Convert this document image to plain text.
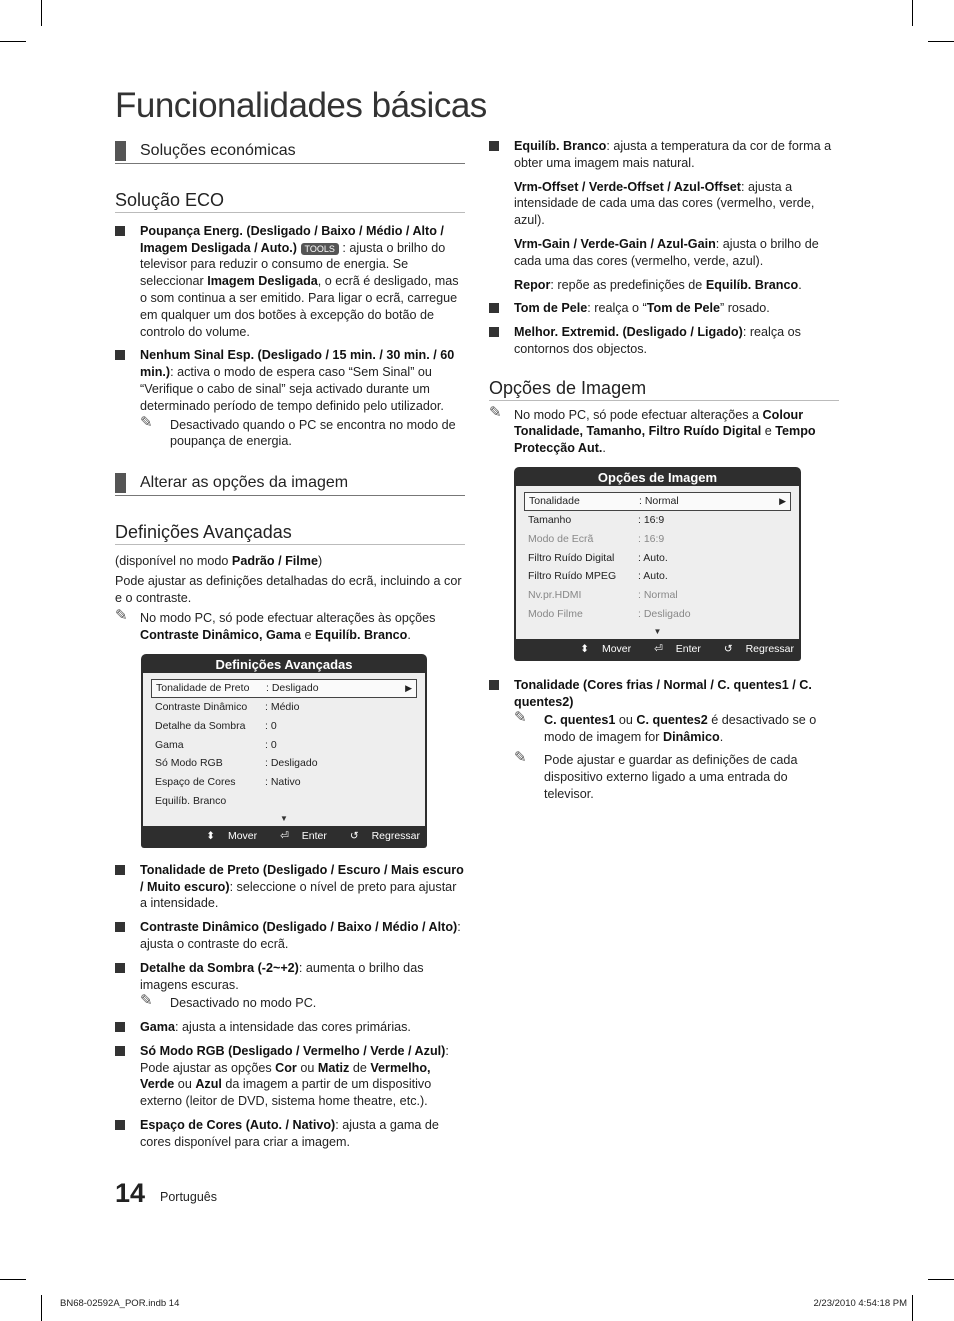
Funcionalidades básicas
Soluções económicas
Solução ECO
Poupança Energ. (Desligado / Baixo / Médio / Alto / Imagem Desligada / Auto.) TOOLS : ajusta o brilho do televisor para reduzir o consumo de energia. Se seleccionar Imagem Desligada, o ecrã é desligado, mas o som continua a ser emitido. Para ligar o ecrã, carregue em qualquer um dos botões à excepção do botão de controlo do volume.
Nenhum Sinal Esp. (Desligado / 15 min. / 30 min. / 60 min.): activa o modo de espera caso “Sem Sinal” ou “Verifique o cabo de sinal” seja activado durante um determinado período de tempo definido pelo utilizador.
✎ Desactivado quando o PC se encontra no modo de poupança de energia.
Alterar as opções da imagem
Definições Avançadas

(disponível no modo Padrão / Filme)

Pode ajustar as definições detalhadas do ecrã, incluindo a cor e o contraste.

✎ No modo PC, só pode efectuar alterações às opções Contraste Dinâmico, Gama e Equilíb. Branco.
Definições Avançadas
Tonalidade de Preto	: Desligado	▶
Contraste Dinâmico	: Médio
Detalhe da Sombra	: 0
Gama	: 0
Só Modo RGB	: Desligado
Espaço de Cores	: Nativo
Equilíb. Branco
▼
⬍ Mover ⏎ Enter ↺ Regressar
Tonalidade de Preto (Desligado / Escuro / Mais escuro / Muito escuro): seleccione o nível de preto para ajustar a intensidade.
Contraste Dinâmico (Desligado / Baixo / Médio / Alto): ajusta o contraste do ecrã.
Detalhe da Sombra (-2~+2): aumenta o brilho das imagens escuras.
✎ Desactivado no modo PC.
Gama: ajusta a intensidade das cores primárias.
Só Modo RGB (Desligado / Vermelho / Verde / Azul): Pode ajustar as opções Cor ou Matiz de Vermelho, Verde ou Azul da imagem a partir de um dispositivo externo (leitor de DVD, sistema home theatre, etc.).
Espaço de Cores (Auto. / Nativo): ajusta a gama de cores disponível para criar a imagem.
Equilíb. Branco: ajusta a temperatura da cor de forma a obter uma imagem mais natural.

Vrm-Offset / Verde-Offset / Azul-Offset: ajusta a intensidade de cada uma das cores (vermelho, verde, azul).

Vrm-Gain / Verde-Gain / Azul-Gain: ajusta o brilho de cada uma das cores (vermelho, verde, azul).

Repor: repõe as predefinições de Equilíb. Branco.

Tom de Pele: realça o “Tom de Pele” rosado.
Melhor. Extremid. (Desligado / Ligado): realça os contornos dos objectos.
Opções de Imagem
✎ No modo PC, só pode efectuar alterações a Colour Tonalidade, Tamanho, Filtro Ruído Digital e Tempo Protecção Aut..
Opções de Imagem
Tonalidade	: Normal	▶
Tamanho	: 16:9
Modo de Ecrã	: 16:9
Filtro Ruído Digital	: Auto.
Filtro Ruído MPEG	: Auto.
Nv.pr.HDMI	: Normal
Modo Filme	: Desligado
▼
⬍ Mover ⏎ Enter ↺ Regressar
Tonalidade (Cores frias / Normal / C. quentes1 / C. quentes2)
✎ C. quentes1 ou C. quentes2 é desactivado se o modo de imagem for Dinâmico.
✎ Pode ajustar e guardar as definições de cada dispositivo externo ligado a uma entrada do televisor.
14 Português
BN68-02592A_POR.indb 14	2/23/2010 4:54:18 PM
